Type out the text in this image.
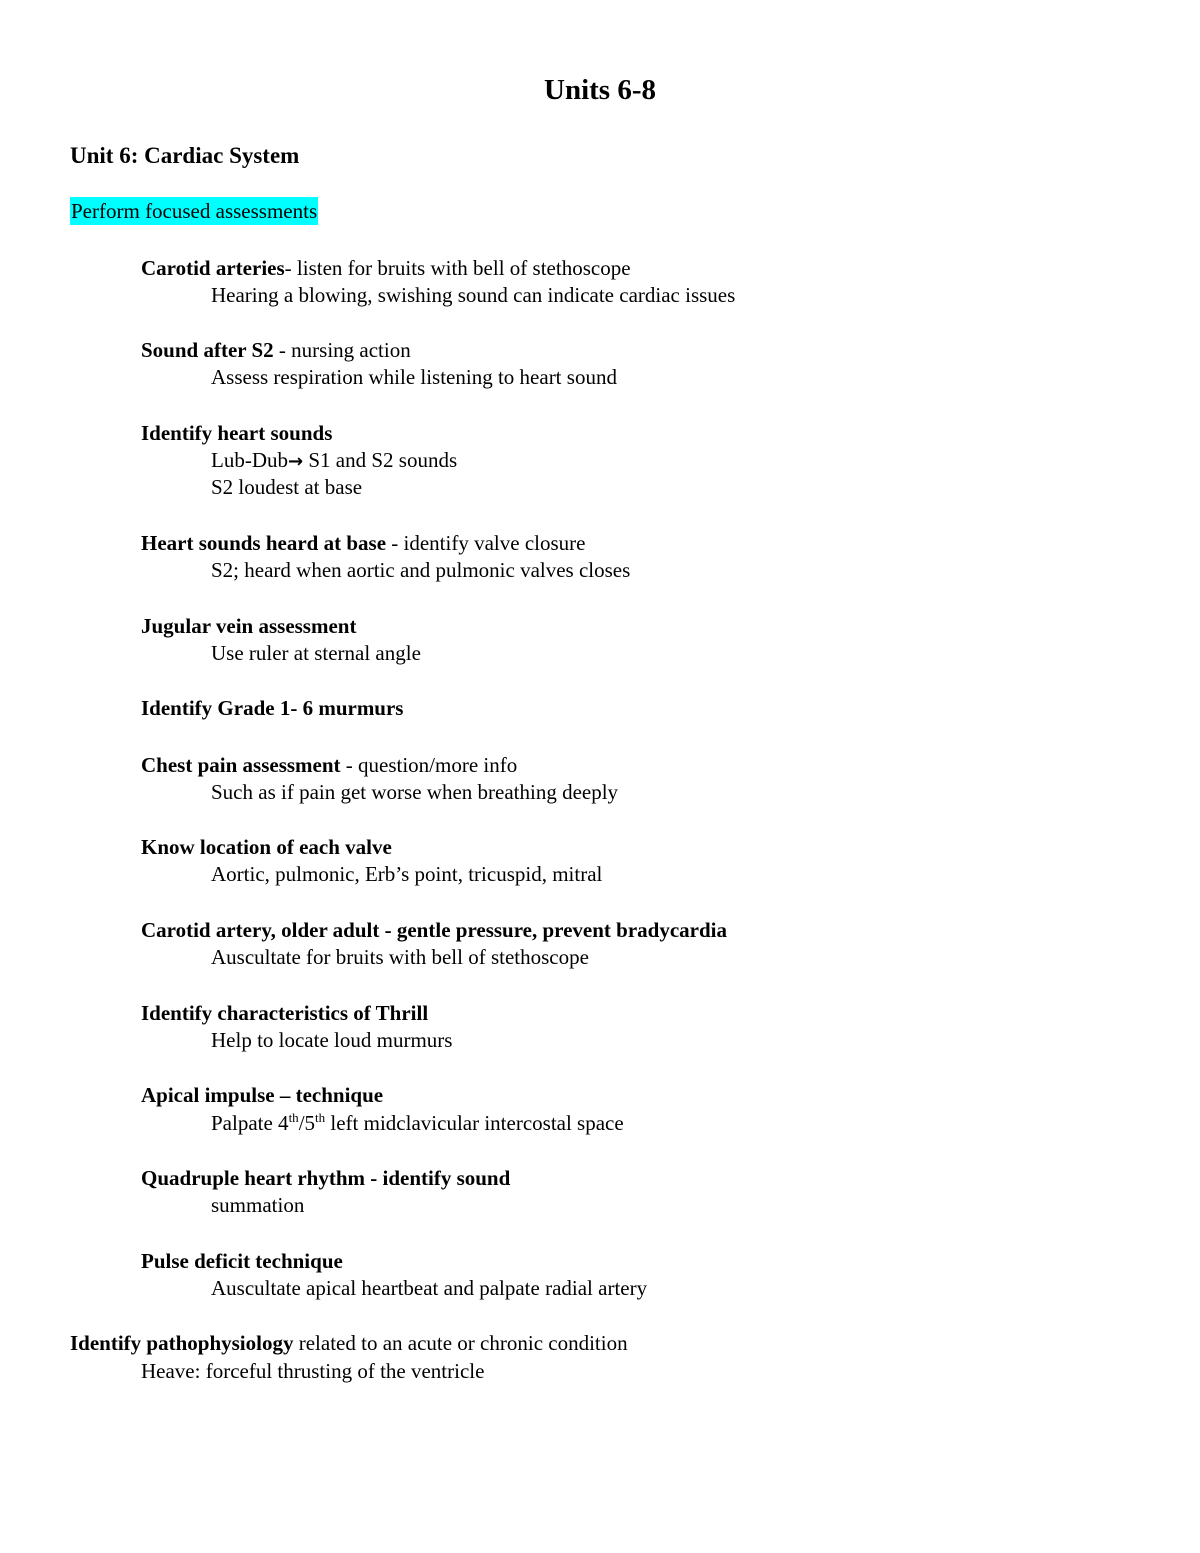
Units 6-8
Unit 6: Cardiac System
Perform focused assessments
Carotid arteries- listen for bruits with bell of stethoscope
Hearing a blowing, swishing sound can indicate cardiac issues
Sound after S2 - nursing action
Assess respiration while listening to heart sound
Identify heart sounds
Lub-Dub→ S1 and S2 sounds
S2 loudest at base
Heart sounds heard at base - identify valve closure
S2; heard when aortic and pulmonic valves closes
Jugular vein assessment
Use ruler at sternal angle
Identify Grade 1- 6 murmurs
Chest pain assessment - question/more info
Such as if pain get worse when breathing deeply
Know location of each valve
Aortic, pulmonic, Erb’s point, tricuspid, mitral
Carotid artery, older adult - gentle pressure, prevent bradycardia
Auscultate for bruits with bell of stethoscope
Identify characteristics of Thrill
Help to locate loud murmurs
Apical impulse – technique
Palpate 4th/5th left midclavicular intercostal space
Quadruple heart rhythm - identify sound
summation
Pulse deficit technique
Auscultate apical heartbeat and palpate radial artery
Identify pathophysiology related to an acute or chronic condition
Heave: forceful thrusting of the ventricle
